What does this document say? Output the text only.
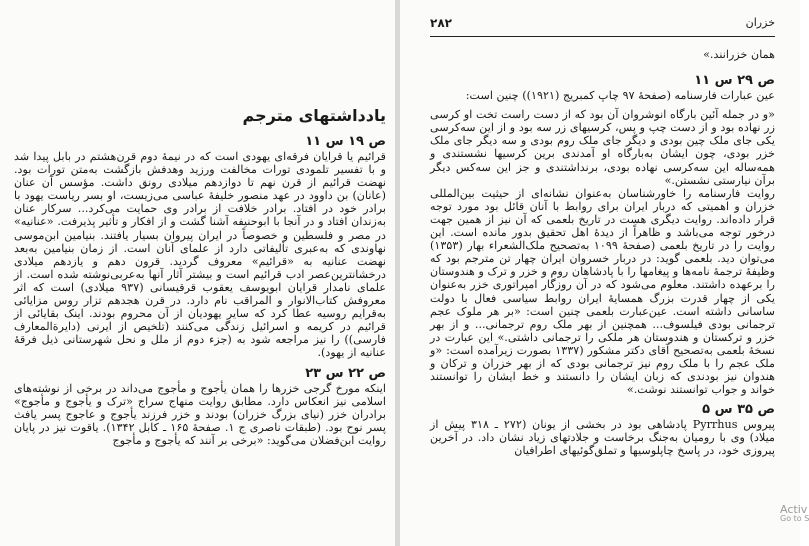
یادداشتهای مترجم
ص ۱۹ س ۱۱

قرائیم یا قرایان فرقه‌ای یهودی است که در نیمهٔ دوم قرن‌هشتم در بابل پیدا شد و با تفسیر تلمودی تورات مخالفت ورزید وهدفش بازگشت به‌متن تورات بود. نهضت قرائیم از قرن نهم تا دوازدهم میلادی رونق داشت. مؤسس آن عنان (عانان) بن داوود در عهد منصور خلیفهٔ عباسی می‌زیست، او بسر ریاست یهود با برادر خود در افتاد. برادر خلافت از برادر وی حمایت می‌کرد... سرکار عنان به‌زندان افتاد و در آنجا با ابوحنیفه آشنا گشت و از افکار و تأثیر پذیرفت. «عنانیه» در مصر و فلسطین و خصوصاً در ایران پیروان بسیار یافتند. بنیامین ابن‌موسی نهاوندی که به‌عبری تألیفاتی دارد از علمای آنان است. از زمان بنیامین به‌بعد نهضت عنانیه به «قرائیم» معروف گردید. قرون دهم و یازدهم میلادی درخشانترین‌عصر ادب قرائیم است و بیشتر آثار آنها به‌عربی‌نوشته شده است. از علمای نامدار قرایان ابویوسف یعقوب قرقیسانی (۹۳۷ میلادی) است که اثر معروفش کتاب‌الانوار و المراقب نام دارد. در قرن هجدهم تزار روس مزایائی به‌قرایم روسیه عطا کرد که سایر یهودیان از آن محروم بودند. اینک بقایائی از قرائیم در کریمه و اسرائیل زندگی می‌کنند (تلخیص از ایرنی (دایرة‌المعارف فارسی)) را نیز مراجعه شود به (جزء دوم از ملل و نحل شهرستانی ذیل فرقهٔ عنانیه از یهود).

ص ۲۲ س ۲۳

اینکه مورخ گرجی خزرها را همان یأجوج و مأجوج می‌داند در برخی از نوشته‌های اسلامی نیز انعکاس دارد. مطابق روایت منهاج سراج «ترک و یأجوج و مأجوج» برادران خزر (نیای بزرگ خزران) بودند و خزر فرزند یأجوج و عاجوج پسر یافث پسر نوح بود. (طبقات ناصری ج ۱. صفحهٔ ۱۶۵ ـ کابل ۱۳۴۲). یاقوت نیز در پایان روایت ابن‌فضلان می‌گوید: «برخی بر آنند که یأجوج و مأجوج

خزران
۲۸۲

همان خزرانند.»

ص ۲۹ س ۱۱

عین عبارات فارسنامه (صفحهٔ ۹۷ چاپ کمبریج (۱۹۲۱)) چنین است:

«و در جمله آئین بارگاه انوشروان آن بود که از دست راست تخت او کرسی زر نهاده بود و از دست چپ و پس، کرسیهای زر سه بود و از این سه‌کرسی یکی جای ملک چین بودی و دیگر جای ملک روم بودی و سه دیگر جای ملک خزر بودی، چون ایشان به‌بارگاه او آمدندی برین کرسیها نشستندی و همه‌ساله این سه‌کرسی نهاده بودی، برنداشتندی و جز این سه‌کس دیگر برآن نیارستی نشستن.»

روایت فارسنامه را خاورشناسان به‌عنوان نشانه‌ای از حیثیت بین‌المللی خزران و اهمیتی که دربار ایران برای روابط با آنان قائل بود مورد توجه قرار داده‌اند. روایت دیگری هست در تاریخ بلعمی که آن نیز از همین جهت درخور توجه می‌باشد و ظاهراً از دیدهٔ اهل تحقیق بدور مانده است. این روایت را در تاریخ بلعمی (صفحهٔ ۱۰۹۹ به‌تصحیح ملک‌الشعراء بهار (۱۳۵۳) می‌توان دید. بلعمی گوید: در دربار خسروان ایران چهار تن مترجم بود که وظیفهٔ ترجمهٔ نامه‌ها و پیغامها را با پادشاهان روم و خزر و ترک و هندوستان را برعهده داشتند. معلوم می‌شود که در آن روزگار امپراتوری خزر به‌عنوان یکی از چهار قدرت بزرگ همسایهٔ ایران روابط سیاسی فعال با دولت ساسانی داشته است. عین‌عبارت بلعمی چنین است: «بر هر ملوک عجم ترجمانی بودی فیلسوف... همچنین از بهر ملک روم ترجمانی... و از بهر خزر و ترکستان و هندوستان هر ملکی را ترجمانی داشتی.» این عبارت در نسخهٔ بلعمی به‌تصحیح آقای دکتر مشکور (۱۳۳۷ بصورت زیرآمده است: «و ملک عجم را با ملک روم نیز ترجمانی بودی که از بهر خزران و ترکان و هندوان نیز بودندی که زبان ایشان را دانستند و خط ایشان را توانستند خواند و جواب توانستند نوشت.»

ص ۳۵ س ۵

پیروس Pyrrhus پادشاهی بود در بخشی از یونان (۲۷۲ ـ ۳۱۸ پیش از میلاد) وی با رومیان به‌جنگ برخاست و جلادتهای زیاد نشان داد. در آخرین پیروزی خود، در پاسخ چاپلوسیها و تملق‌گوئیهای اطرافیان

Activ
Go to S
